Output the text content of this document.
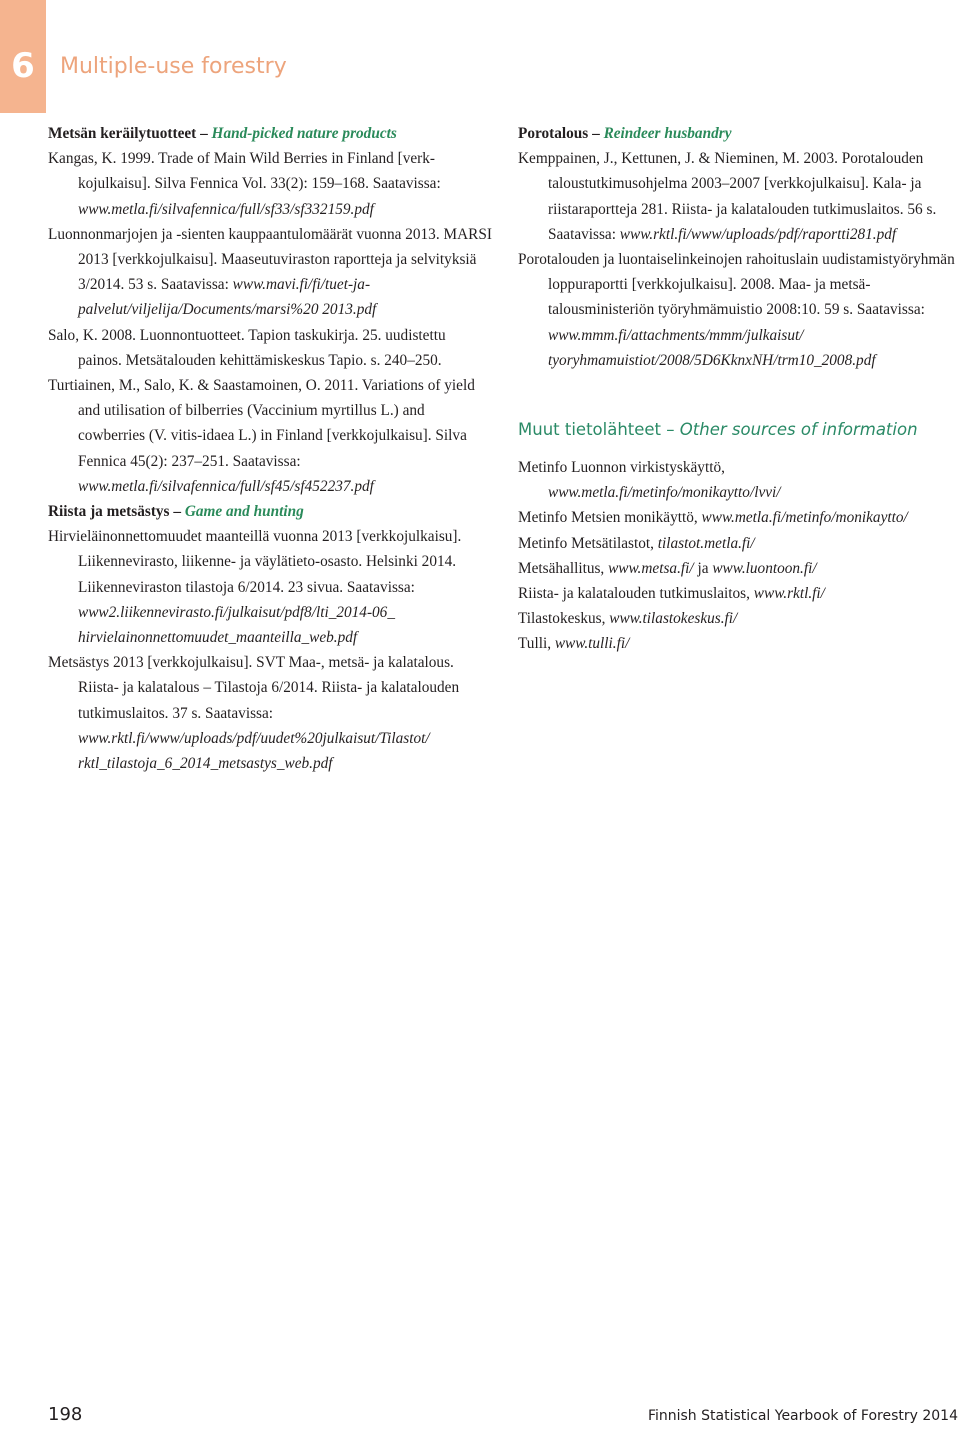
6	Multiple-use forestry

Metsän keräilytuotteet – Hand-picked nature products

Kangas, K. 1999. Trade of Main Wild Berries in Finland [verkkojulkaisu]. Silva Fennica Vol. 33(2): 159–168. Saatavissa: www.metla.fi/silvafennica/full/sf33/sf332159.pdf

Luonnonmarjojen ja -sienten kauppaantulomäärät vuonna 2013. MARSI 2013 [verkkojulkaisu]. Maaseutuviraston raportteja ja selvityksiä 3/2014. 53 s. Saatavissa: www.mavi.fi/fi/tuet-ja-palvelut/viljelija/Documents/marsi%20 2013.pdf

Salo, K. 2008. Luonnontuotteet. Tapion taskukirja. 25. uudistettu painos. Metsätalouden kehittämiskeskus Tapio. s. 240–250.

Turtiainen, M., Salo, K. & Saastamoinen, O. 2011. Variations of yield and utilisation of bilberries (Vaccinium myrtillus L.) and cowberries (V. vitis-idaea L.) in Finland [verkkojulkaisu]. Silva Fennica 45(2): 237–251. Saatavissa: www.metla.fi/silvafennica/full/sf45/sf452237.pdf

Riista ja metsästys – Game and hunting

Hirvieläinonnettomuudet maanteillä vuonna 2013 [verkkojulkaisu]. Liikennevirasto, liikenne- ja väylätieto-osasto. Helsinki 2014. Liikenneviraston tilastoja 6/2014. 23 sivua. Saatavissa: www2.liikennevirasto.fi/julkaisut/pdf8/lti_2014-06_ hirvielainonnettomuudet_maanteilla_web.pdf

Metsästys 2013 [verkkojulkaisu]. SVT Maa-, metsä- ja kalatalous. Riista- ja kalatalous – Tilastoja 6/2014. Riista- ja kalatalouden tutkimuslaitos. 37 s. Saatavissa: www.rktl.fi/www/uploads/pdf/uudet%20julkaisut/Tilastot/ rktl_tilastoja_6_2014_metsastys_web.pdf

Porotalous – Reindeer husbandry

Kemppainen, J., Kettunen, J. & Nieminen, M. 2003. Porotalouden taloustutkimusohjelma 2003–2007 [verkkojulkaisu]. Kala- ja riistaraportteja 281. Riista- ja kalatalouden tutkimuslaitos. 56 s. Saatavissa: www.rktl.fi/www/uploads/pdf/raportti281.pdf

Porotalouden ja luontaiselinkeinojen rahoituslain uudistamistyöryhmän loppuraportti [verkkojulkaisu]. 2008. Maa- ja metsätalousministeriön työryhmämuistio 2008:10. 59 s. Saatavissa: www.mmm.fi/attachments/mmm/julkaisut/ tyoryhmamuistiot/2008/5D6KknxNH/trm10_2008.pdf

Muut tietolähteet – Other sources of information

Metinfo Luonnon virkistyskäyttö, www.metla.fi/metinfo/monikaytto/lvvi/

Metinfo Metsien monikäyttö, www.metla.fi/metinfo/monikaytto/

Metinfo Metsätilastot, tilastot.metla.fi/

Metsähallitus, www.metsa.fi/ ja www.luontoon.fi/

Riista- ja kalatalouden tutkimuslaitos, www.rktl.fi/

Tilastokeskus, www.tilastokeskus.fi/

Tulli, www.tulli.fi/

198	Finnish Statistical Yearbook of Forestry 2014
